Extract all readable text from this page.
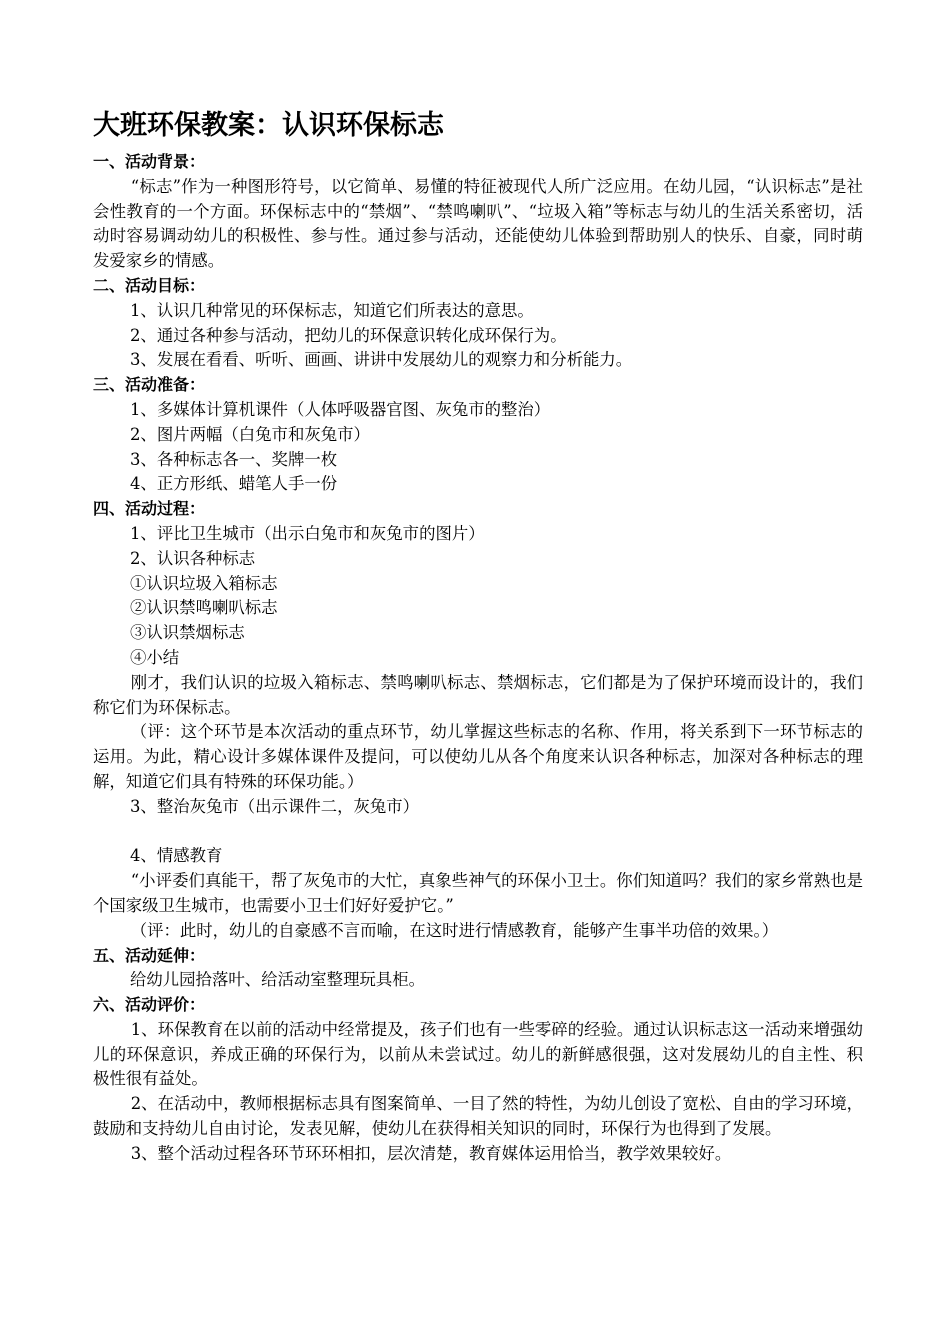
大班环保教案：认识环保标志
一、活动背景：
“标志”作为一种图形符号，以它简单、易懂的特征被现代人所广泛应用。在幼儿园，“认识标志”是社会性教育的一个方面。环保标志中的“禁烟”、“禁鸣喇叭”、“垃圾入箱”等标志与幼儿的生活关系密切，活动时容易调动幼儿的积极性、参与性。通过参与活动，还能使幼儿体验到帮助别人的快乐、自豪，同时萌发爱家乡的情感。
二、活动目标：
1、认识几种常见的环保标志，知道它们所表达的意思。
2、通过各种参与活动，把幼儿的环保意识转化成环保行为。
3、发展在看看、听听、画画、讲讲中发展幼儿的观察力和分析能力。
三、活动准备：
1、多媒体计算机课件（人体呼吸器官图、灰兔市的整治）
2、图片两幅（白兔市和灰兔市）
3、各种标志各一、奖牌一枚
4、正方形纸、蜡笔人手一份
四、活动过程：
1、评比卫生城市（出示白兔市和灰兔市的图片）
2、认识各种标志
①认识垃圾入箱标志
②认识禁鸣喇叭标志
③认识禁烟标志
④小结
刚才，我们认识的垃圾入箱标志、禁鸣喇叭标志、禁烟标志，它们都是为了保护环境而设计的，我们称它们为环保标志。
（评：这个环节是本次活动的重点环节，幼儿掌握这些标志的名称、作用，将关系到下一环节标志的运用。为此，精心设计多媒体课件及提问，可以使幼儿从各个角度来认识各种标志，加深对各种标志的理解，知道它们具有特殊的环保功能。）
3、整治灰兔市（出示课件二，灰兔市）
4、情感教育
“小评委们真能干，帮了灰兔市的大忙，真象些神气的环保小卫士。你们知道吗？我们的家乡常熟也是个国家级卫生城市，也需要小卫士们好好爱护它。”
（评：此时，幼儿的自豪感不言而喻，在这时进行情感教育，能够产生事半功倍的效果。）
五、活动延伸：
给幼儿园拾落叶、给活动室整理玩具柜。
六、活动评价：
1、环保教育在以前的活动中经常提及，孩子们也有一些零碎的经验。通过认识标志这一活动来增强幼儿的环保意识，养成正确的环保行为，以前从未尝试过。幼儿的新鲜感很强，这对发展幼儿的自主性、积极性很有益处。
2、在活动中，教师根据标志具有图案简单、一目了然的特性，为幼儿创设了宽松、自由的学习环境，鼓励和支持幼儿自由讨论，发表见解，使幼儿在获得相关知识的同时，环保行为也得到了发展。
3、整个活动过程各环节环环相扣，层次清楚，教育媒体运用恰当，教学效果较好。
